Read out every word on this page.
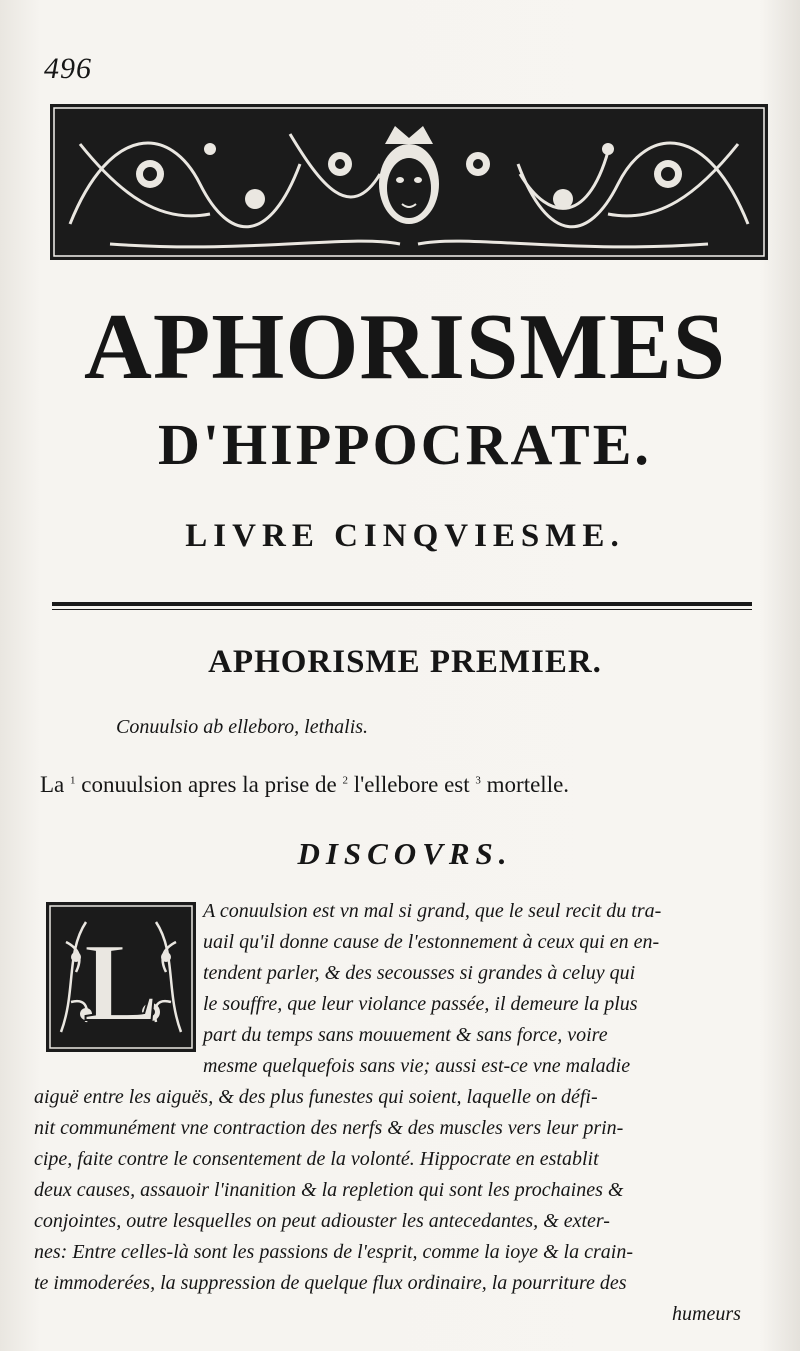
496
APHORISMES
D'HIPPOCRATE.
LIVRE CINQVIESME.
APHORISME PREMIER.
Conuulsio ab elleboro, lethalis.
La $^1$ conuulsion apres la prise de $^2$ l'ellebore est $^3$ mortelle.
DISCOVRS.
L
A conuulsion est vn mal si grand, que le seul recit du tra-
uail qu'il donne cause de l'estonnement à ceux qui en en-
tendent parler, & des secousses si grandes à celuy qui
le souffre, que leur violance passée, il demeure la plus
part du temps sans mouuement & sans force, voire
mesme quelquefois sans vie; aussi est-ce vne maladie
aiguë entre les aiguës, & des plus funestes qui soient, laquelle on défi-
nit communément vne contraction des nerfs & des muscles vers leur prin-
cipe, faite contre le consentement de la volonté. Hippocrate en establit
deux causes, assauoir l'inanition & la repletion qui sont les prochaines &
conjointes, outre lesquelles on peut adiouster les antecedantes, & exter-
nes: Entre celles-là sont les passions de l'esprit, comme la ioye & la crain-
te immoderées, la suppression de quelque flux ordinaire, la pourriture des
humeurs
